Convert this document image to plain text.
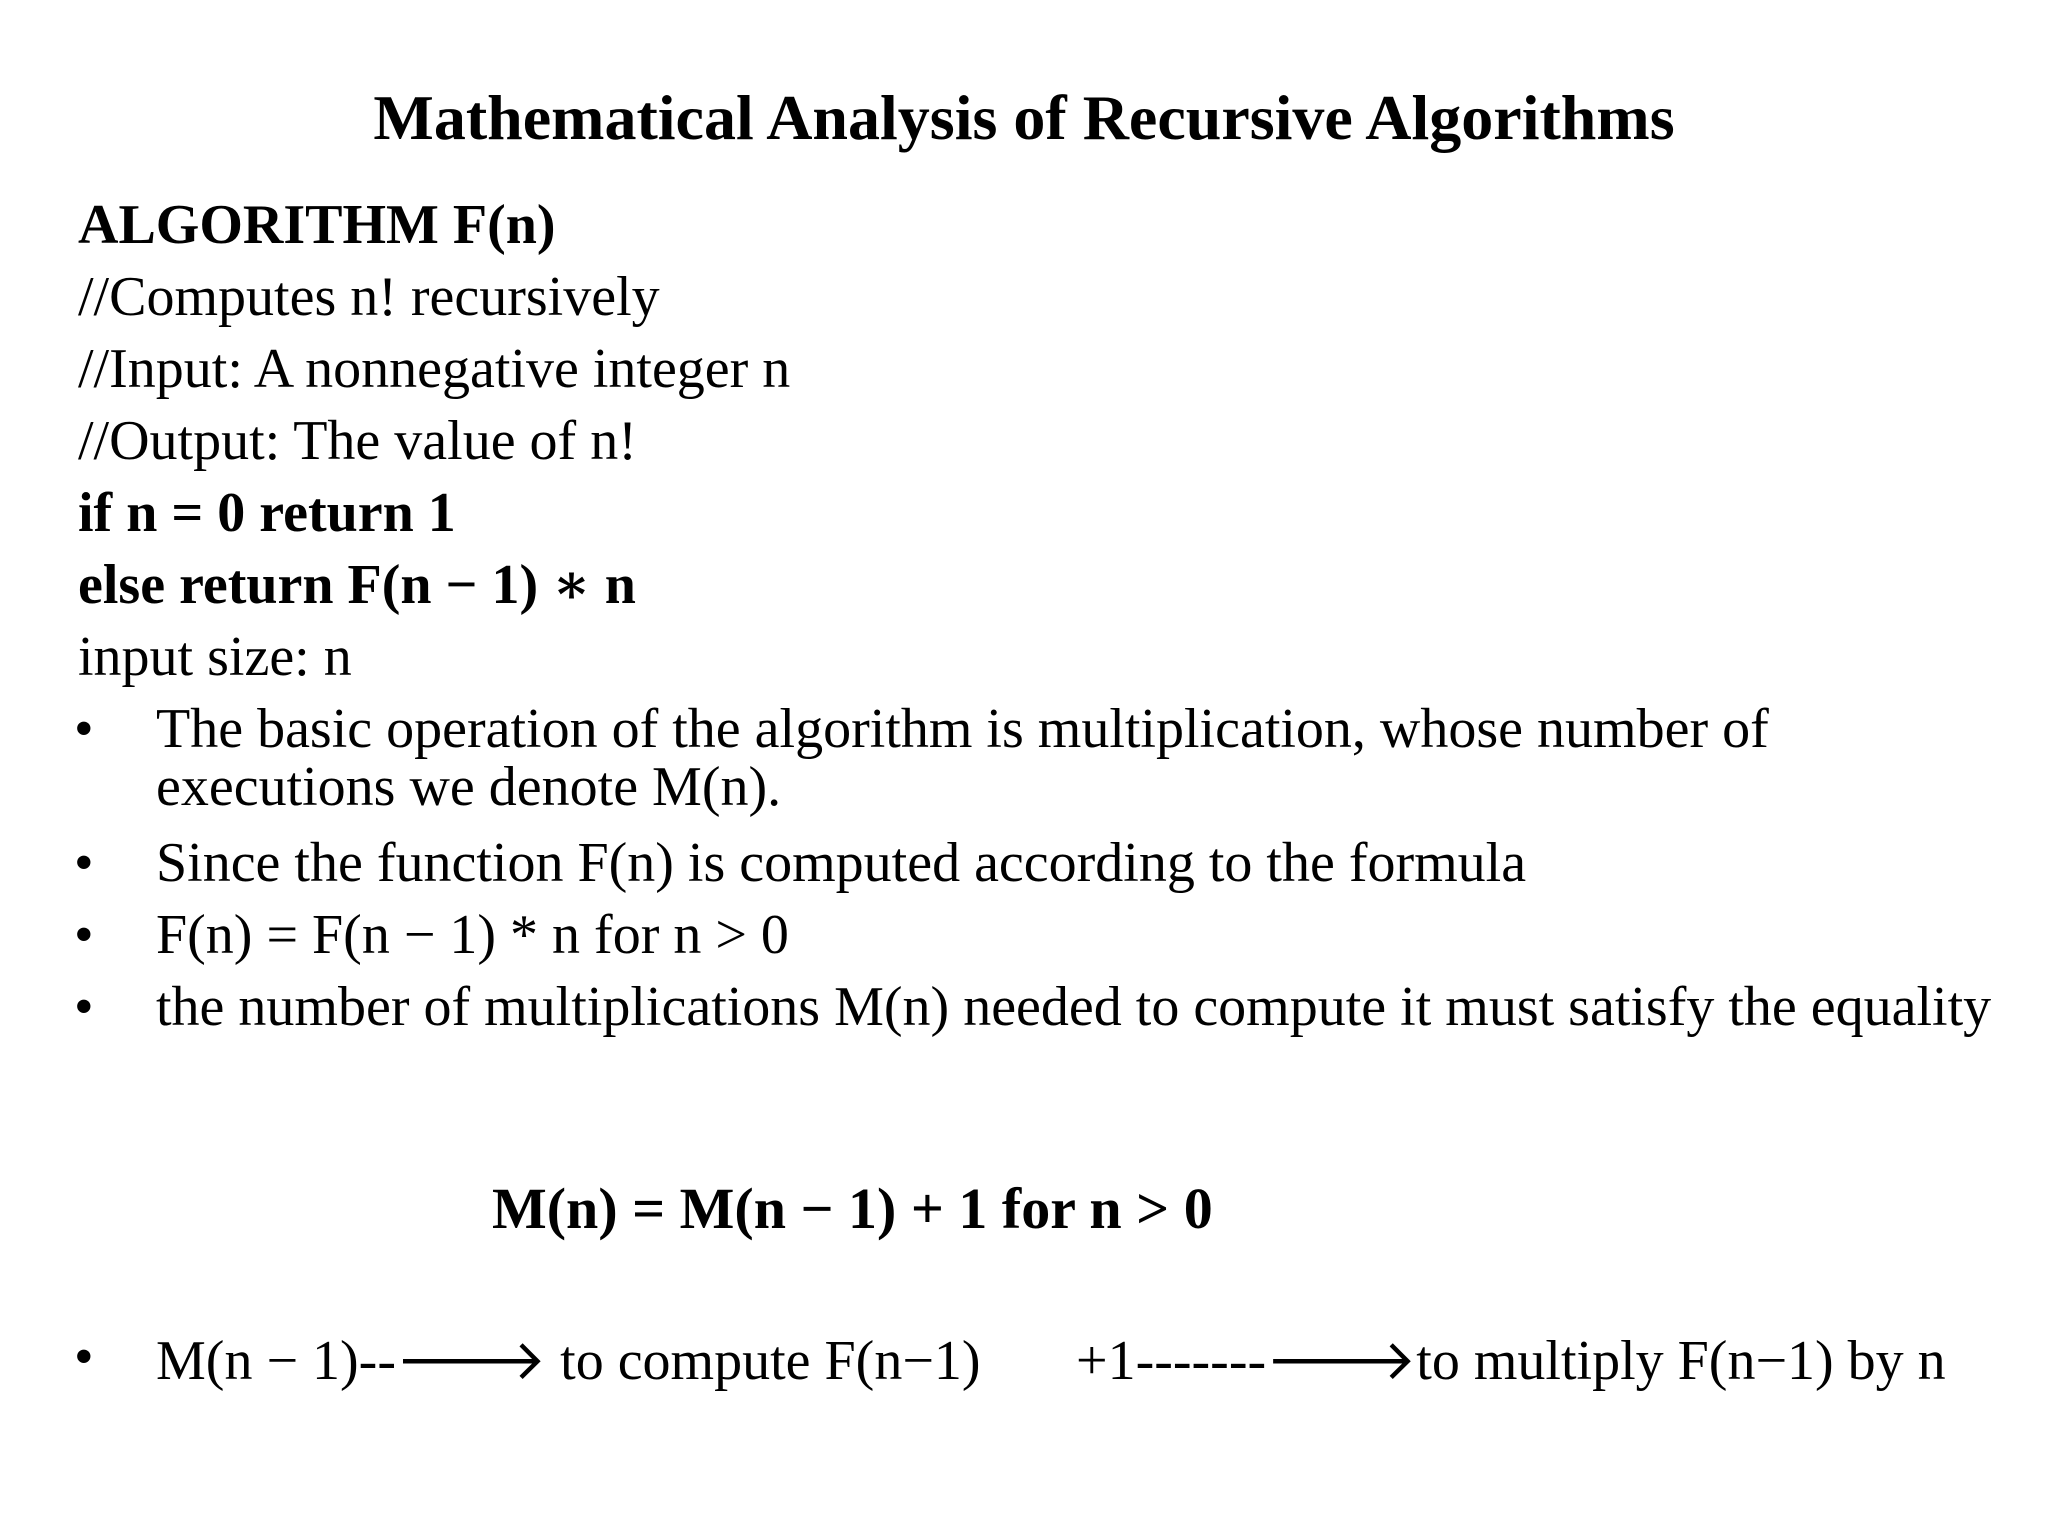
Mathematical Analysis of Recursive Algorithms
ALGORITHM F(n)
//Computes n! recursively
//Input: A nonnegative integer n
//Output: The value of n!
if n = 0 return 1
else return F(n − 1) ∗ n
input size: n
• The basic operation of the algorithm is multiplication, whose number of executions we denote M(n).
• Since the function F(n) is computed according to the formula
• F(n) = F(n − 1) * n for n > 0
• the number of multiplications M(n) needed to compute it must satisfy the equality
M(n) = M(n − 1) + 1 for n > 0
• M(n − 1)--🡒 to compute F(n−1) +1-------🡒to multiply F(n−1) by n
